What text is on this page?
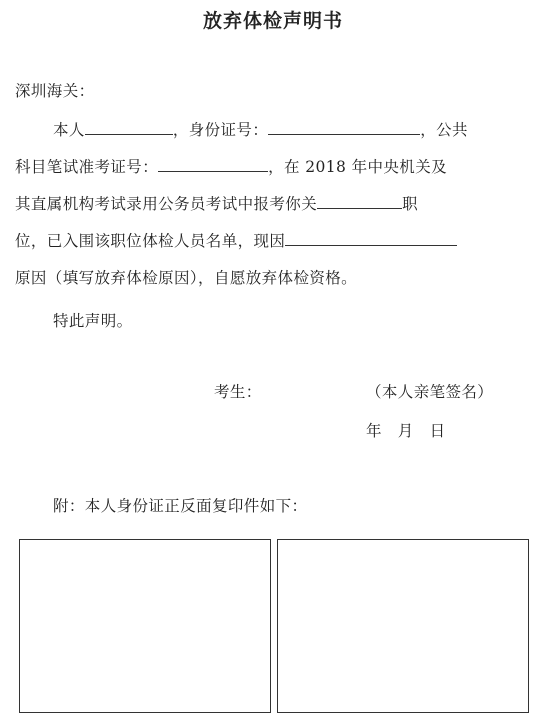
放弃体检声明书
深圳海关：
本人	，身份证号：	，公共
科目笔试准考证号：	，在 2018 年中央机关及
其直属机构考试录用公务员考试中报考你关	职
位，已入围该职位体检人员名单，现因
原因（填写放弃体检原因），自愿放弃体检资格。
特此声明。
考生：	（本人亲笔签名）
年　月　日
附：本人身份证正反面复印件如下：
